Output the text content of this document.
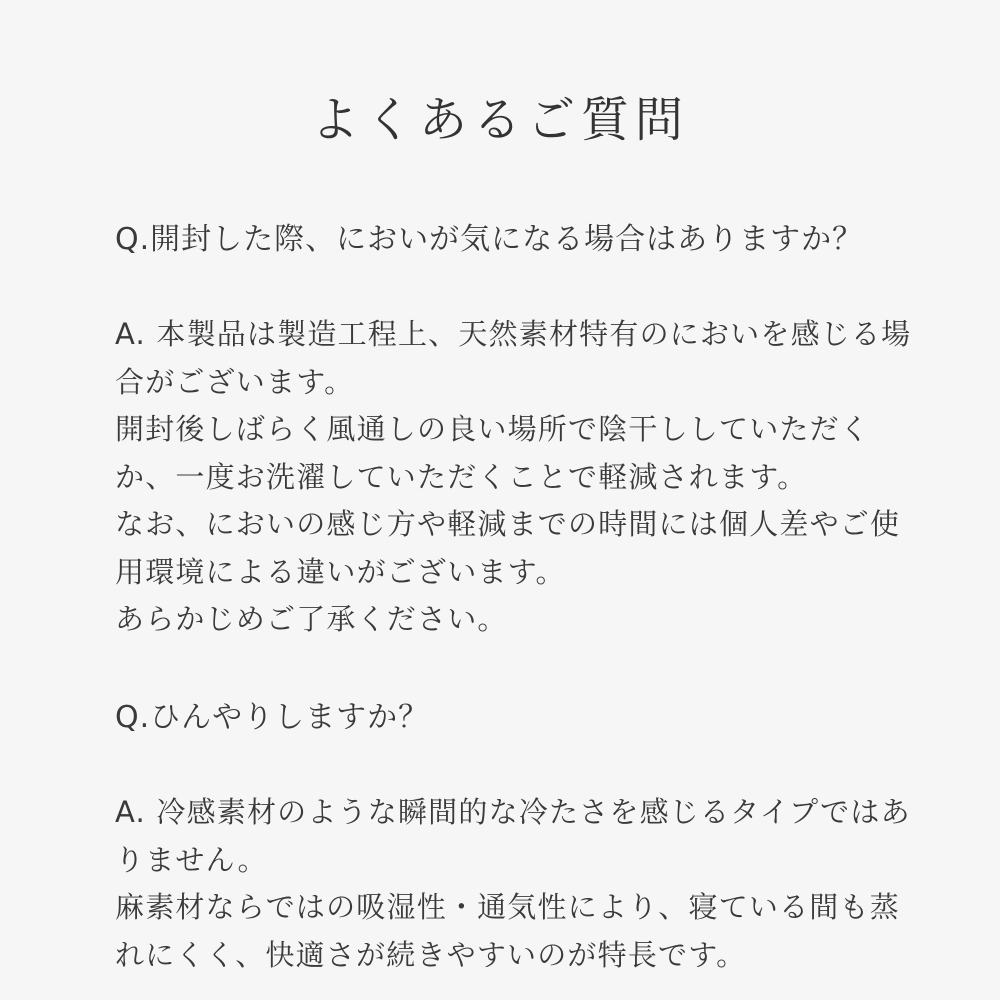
よくあるご質問

Q.開封した際、においが気になる場合はありますか？

A. 本製品は製造工程上、天然素材特有のにおいを感じる場合がございます。
開封後しばらく風通しの良い場所で陰干ししていただくか、一度お洗濯していただくことで軽減されます。
なお、においの感じ方や軽減までの時間には個人差やご使用環境による違いがございます。
あらかじめご了承ください。

Q.ひんやりしますか？

A. 冷感素材のような瞬間的な冷たさを感じるタイプではありません。
麻素材ならではの吸湿性・通気性により、寝ている間も蒸れにくく、快適さが続きやすいのが特長です。
